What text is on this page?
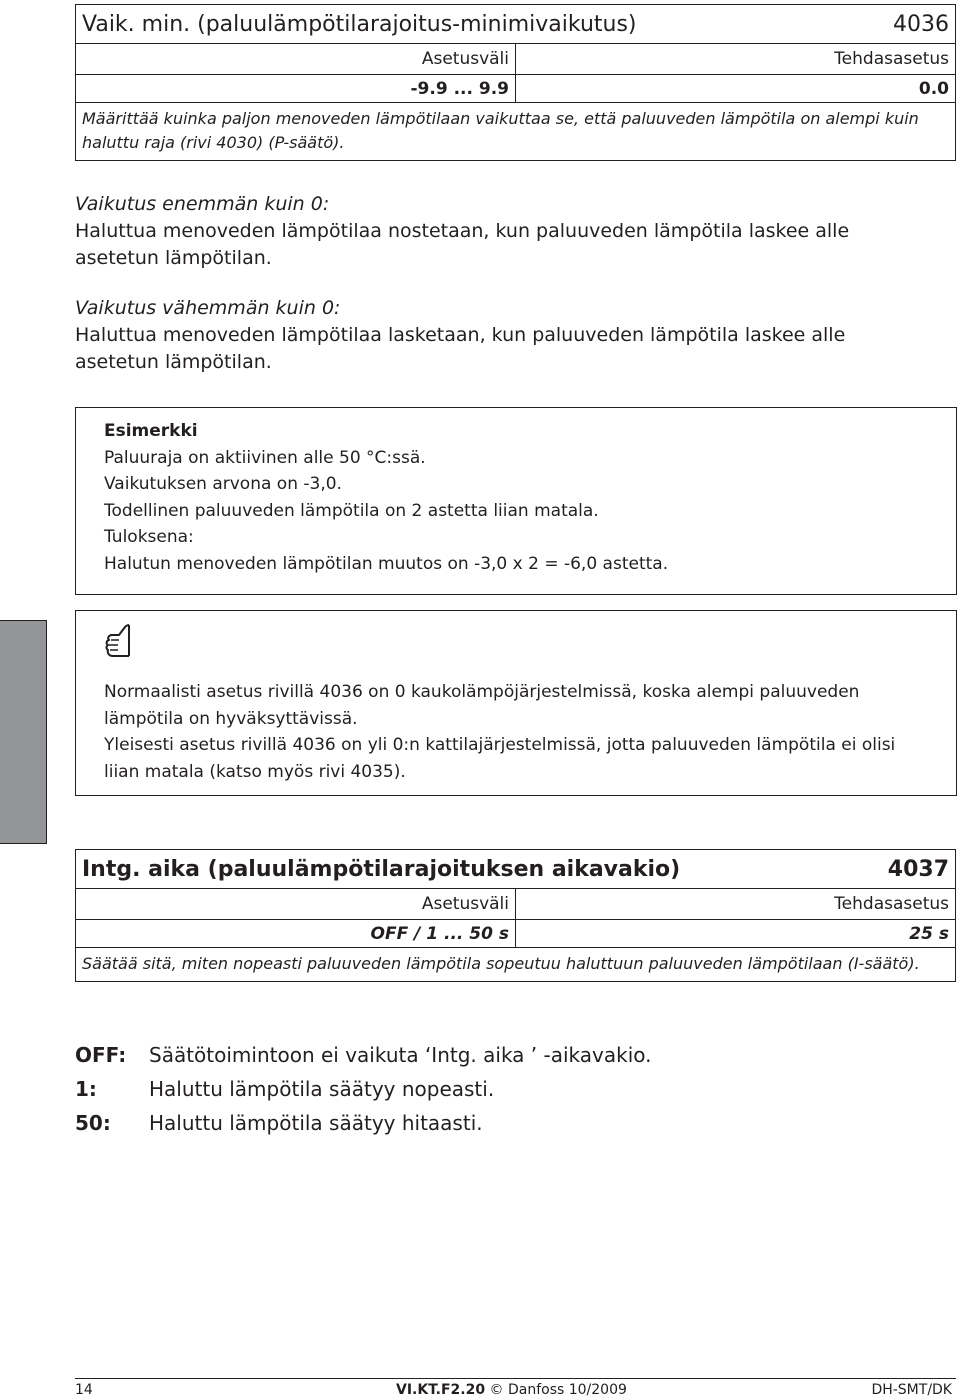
Vaik. min. (paluulämpötilarajoitus-minimivaikutus) 4036	

Asetusväli	Tehdasasetus
-9.9 ... 9.9	0.0
Määrittää kuinka paljon menoveden lämpötilaan vaikuttaa se, että paluuveden lämpötila on alempi kuin haluttu raja (rivi 4030) (P-säätö).	
Vaikutus enemmän kuin 0:
Haluttua menoveden lämpötilaa nostetaan, kun paluuveden lämpötila laskee alle asetetun lämpötilan.
Vaikutus vähemmän kuin 0:
Haluttua menoveden lämpötilaa lasketaan, kun paluuveden lämpötila laskee alle asetetun lämpötilan.
Esimerkki
Paluuraja on aktiivinen alle 50 °C:ssä.
Vaikutuksen arvona on -3,0.
Todellinen paluuveden lämpötila on 2 astetta liian matala.
Tuloksena:
Halutun menoveden lämpötilan muutos on -3,0 x 2 = -6,0 astetta.
Normaalisti asetus rivillä 4036 on 0 kaukolämpöjärjestelmissä, koska alempi paluuveden lämpötila on hyväksyttävissä.
Yleisesti asetus rivillä 4036 on yli 0:n kattilajärjestelmissä, jotta paluuveden lämpötila ei olisi liian matala (katso myös rivi 4035).
Intg. aika (paluulämpötilarajoituksen aikavakio) 4037	

Asetusväli	Tehdasasetus
OFF / 1 ... 50 s	25 s
Säätää sitä, miten nopeasti paluuveden lämpötila sopeutuu haluttuun paluuveden lämpötilaan (I-säätö).	
OFF:	Säätötoimintoon ei vaikuta ‘Intg. aika ’ -aikavakio.
1:	Haluttu lämpötila säätyy nopeasti.
50:	Haluttu lämpötila säätyy hitaasti.
14	VI.KT.F2.20 © Danfoss 10/2009	DH-SMT/DK
